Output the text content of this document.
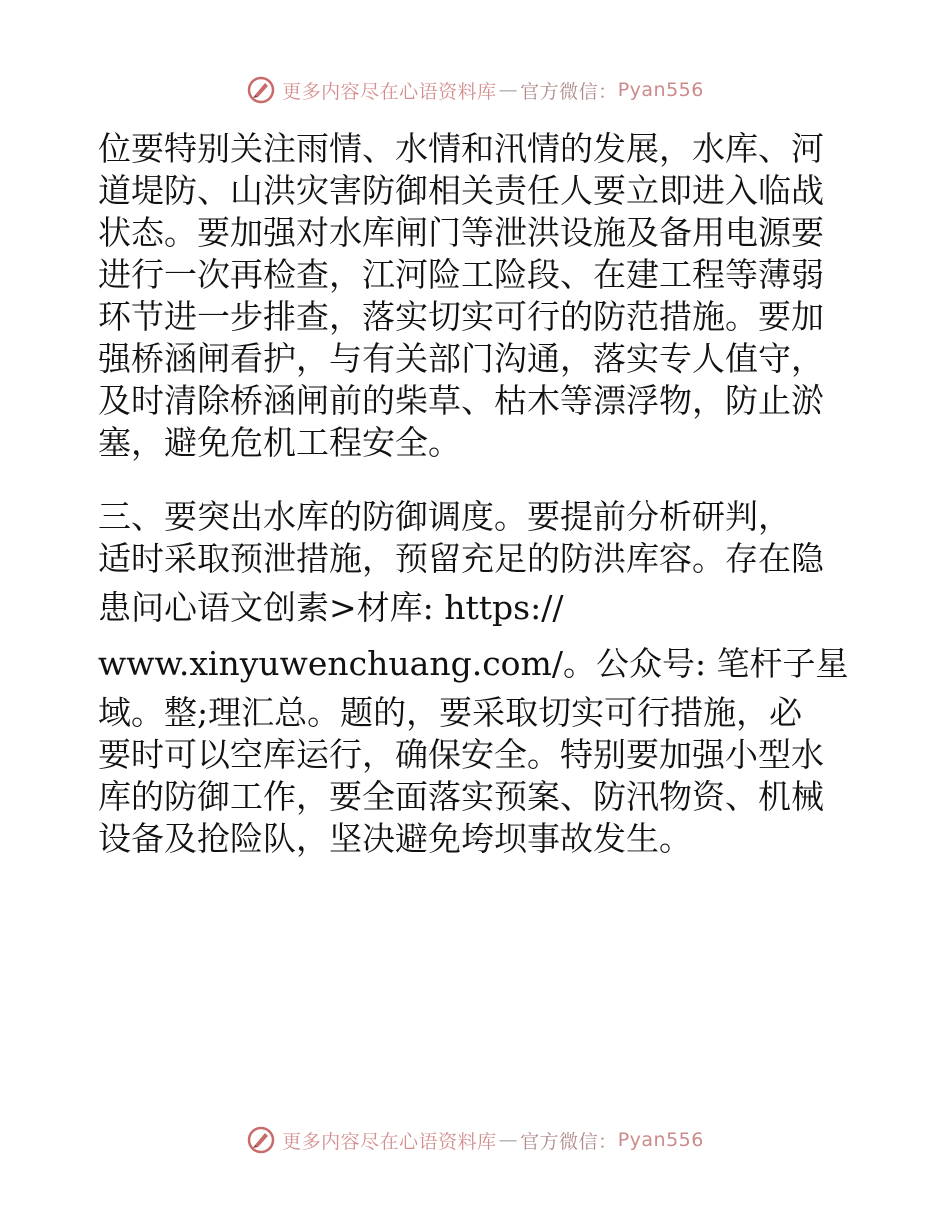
更多内容尽在心语资料库 — 官方微信： Pyan556

位要特别关注雨情、水情和汛情的发展，水库、河

道堤防、山洪灾害防御相关责任人要立即进入临战

状态。要加强对水库闸门等泄洪设施及备用电源要

进行一次再检查，江河险工险段、在建工程等薄弱

环节进一步排查，落实切实可行的防范措施。要加

强桥涵闸看护，与有关部门沟通，落实专人值守，

及时清除桥涵闸前的柴草、枯木等漂浮物，防止淤

塞，避免危机工程安全。

三、要突出水库的防御调度。要提前分析研判，

适时采取预泄措施，预留充足的防洪库容。存在隐

患问心语文创素>材库: https://

www.xinyuwenchuang.com/。公众号: 笔杆子星

域。整;理汇总。题的，要采取切实可行措施，必

要时可以空库运行，确保安全。特别要加强小型水

库的防御工作，要全面落实预案、防汛物资、机械

设备及抢险队，坚决避免垮坝事故发生。

更多内容尽在心语资料库 — 官方微信： Pyan556
